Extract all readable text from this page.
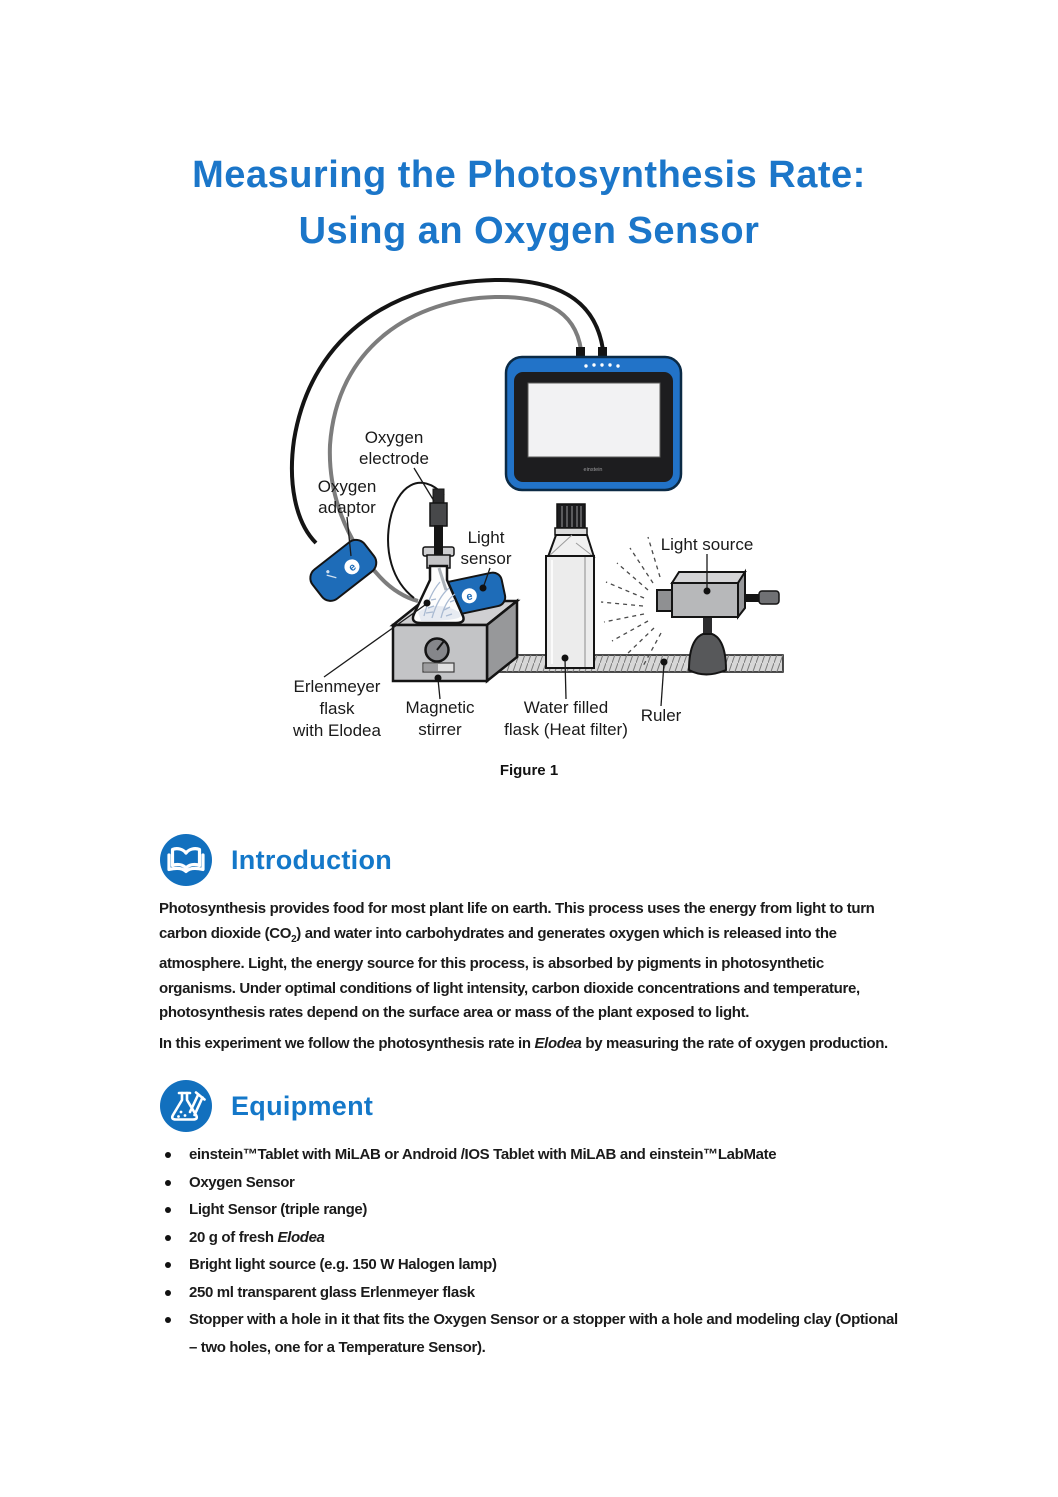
Measuring the Photosynthesis Rate:
Using an Oxygen Sensor
einstein
e
e
Oxygen
electrode
Oxygen
adaptor
Light
sensor
Light source
Erlenmeyer
flask
with Elodea
Magnetic
stirrer
Water filled
flask (Heat filter)
Ruler
Figure 1
Introduction

Photosynthesis provides food for most plant life on earth. This process uses the energy from light to turn carbon dioxide $(CO_2)$ and water into carbohydrates and generates oxygen which is released into the atmosphere. Light, the energy source for this process, is absorbed by pigments in photosynthetic organisms. Under optimal conditions of light intensity, carbon dioxide concentrations and temperature, photosynthesis rates depend on the surface area or mass of the plant exposed to light.

In this experiment we follow the photosynthesis rate in Elodea by measuring the rate of oxygen production.

Equipment
einstein™Tablet with MiLAB or Android /IOS Tablet with MiLAB and einstein™LabMate
Oxygen Sensor
Light Sensor (triple range)
20 g of fresh Elodea
Bright light source (e.g. 150 W Halogen lamp)
250 ml transparent glass Erlenmeyer flask
Stopper with a hole in it that fits the Oxygen Sensor or a stopper with a hole and modeling clay (Optional – two holes, one for a Temperature Sensor).
